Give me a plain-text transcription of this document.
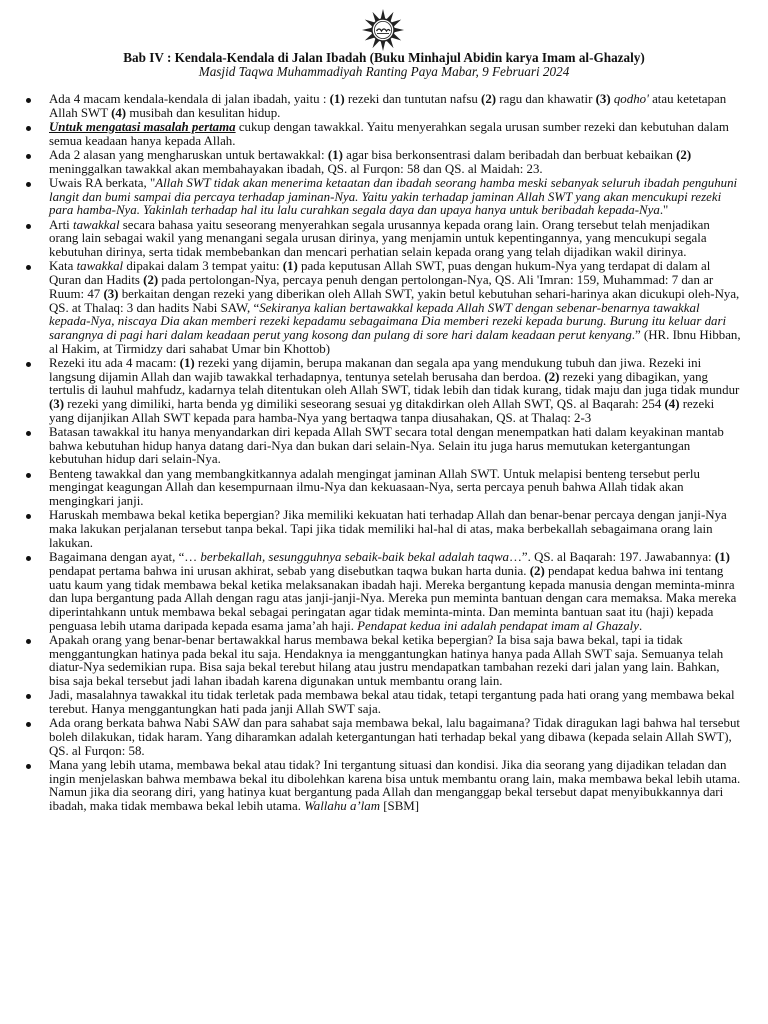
Bab IV : Kendala-Kendala di Jalan Ibadah (Buku Minhajul Abidin karya Imam al-Ghazaly)
Masjid Taqwa Muhammadiyah Ranting Paya Mabar, 9 Februari 2024
Ada 4 macam kendala-kendala di jalan ibadah, yaitu : (1) rezeki dan tuntutan nafsu (2) ragu dan khawatir (3) qodho' atau ketetapan Allah SWT (4) musibah dan kesulitan hidup.
Untuk mengatasi masalah pertama cukup dengan tawakkal. Yaitu menyerahkan segala urusan sumber rezeki dan kebutuhan dalam semua keadaan hanya kepada Allah.
Ada 2 alasan yang mengharuskan untuk bertawakkal: (1) agar bisa berkonsentrasi dalam beribadah dan berbuat kebaikan (2) meninggalkan tawakkal akan membahayakan ibadah, QS. al Furqon: 58 dan QS. al Maidah: 23.
Uwais RA berkata, "Allah SWT tidak akan menerima ketaatan dan ibadah seorang hamba meski sebanyak seluruh ibadah penguhuni langit dan bumi sampai dia percaya terhadap jaminan-Nya. Yaitu yakin terhadap jaminan Allah SWT yang akan mencukupi rezeki para hamba-Nya. Yakinlah terhadap hal itu lalu curahkan segala daya dan upaya hanya untuk beribadah kepada-Nya."
Arti tawakkal secara bahasa yaitu seseorang menyerahkan segala urusannya kepada orang lain. Orang tersebut telah menjadikan orang lain sebagai wakil yang menangani segala urusan dirinya, yang menjamin untuk kepentingannya, yang mencukupi segala kebutuhan dirinya, serta tidak membebankan dan mencari perhatian selain kepada orang yang telah dijadikan wakil dirinya.
Kata tawakkal dipakai dalam 3 tempat yaitu: (1) pada keputusan Allah SWT, puas dengan hukum-Nya yang terdapat di dalam al Quran dan Hadits (2) pada pertolongan-Nya, percaya penuh dengan pertolongan-Nya, QS. Ali 'Imran: 159, Muhammad: 7 dan ar Ruum: 47 (3) berkaitan dengan rezeki yang diberikan oleh Allah SWT, yakin betul kebutuhan sehari-harinya akan dicukupi oleh-Nya, QS. at Thalaq: 3 dan hadits Nabi SAW, “Sekiranya kalian bertawakkal kepada Allah SWT dengan sebenar-benarnya tawakkal kepada-Nya, niscaya Dia akan memberi rezeki kepadamu sebagaimana Dia memberi rezeki kepada burung. Burung itu keluar dari sarangnya di pagi hari dalam keadaan perut yang kosong dan pulang di sore hari dalam keadaan perut kenyang.” (HR. Ibnu Hibban, al Hakim, at Tirmidzy dari sahabat Umar bin Khottob)
Rezeki itu ada 4 macam: (1) rezeki yang dijamin, berupa makanan dan segala apa yang mendukung tubuh dan jiwa. Rezeki ini langsung dijamin Allah dan wajib tawakkal terhadapnya, tentunya setelah berusaha dan berdoa. (2) rezeki yang dibagikan, yang tertulis di lauhul mahfudz, kadarnya telah ditentukan oleh Allah SWT, tidak lebih dan tidak kurang, tidak maju dan juga tidak mundur (3) rezeki yang dimiliki, harta benda yg dimiliki seseorang sesuai yg ditakdirkan oleh Allah SWT, QS. al Baqarah: 254 (4) rezeki yang dijanjikan Allah SWT kepada para hamba-Nya yang bertaqwa tanpa diusahakan, QS. at Thalaq: 2-3
Batasan tawakkal itu hanya menyandarkan diri kepada Allah SWT secara total dengan menempatkan hati dalam keyakinan mantab bahwa kebutuhan hidup hanya datang dari-Nya dan bukan dari selain-Nya. Selain itu juga harus memutukan ketergantungan kebutuhan hidup dari selain-Nya.
Benteng tawakkal dan yang membangkitkannya adalah mengingat jaminan Allah SWT. Untuk melapisi benteng tersebut perlu mengingat keagungan Allah dan kesempurnaan ilmu-Nya dan kekuasaan-Nya, serta percaya penuh bahwa Allah tidak akan mengingkari janji.
Haruskah membawa bekal ketika bepergian? Jika memiliki kekuatan hati terhadap Allah dan benar-benar percaya dengan janji-Nya maka lakukan perjalanan tersebut tanpa bekal. Tapi jika tidak memiliki hal-hal di atas, maka berbekallah sebagaimana orang lain lakukan.
Bagaimana dengan ayat, “… berbekallah, sesungguhnya sebaik-baik bekal adalah taqwa…”. QS. al Baqarah: 197. Jawabannya: (1) pendapat pertama bahwa ini urusan akhirat, sebab yang disebutkan taqwa bukan harta dunia. (2) pendapat kedua bahwa ini tentang uatu kaum yang tidak membawa bekal ketika melaksanakan ibadah haji. Mereka bergantung kepada manusia dengan meminta-minra dan lupa bergantung pada Allah dengan ragu atas janji-janji-Nya. Mereka pun meminta bantuan dengan cara memaksa. Maka mereka diperintahkann untuk membawa bekal sebagai peringatan agar tidak meminta-minta. Dan meminta bantuan saat itu (haji) kepada penguasa lebih utama daripada kepada esama jama’ah haji. Pendapat kedua ini adalah pendapat imam al Ghazaly.
Apakah orang yang benar-benar bertawakkal harus membawa bekal ketika bepergian? Ia bisa saja bawa bekal, tapi ia tidak menggantungkan hatinya pada bekal itu saja. Hendaknya ia menggantungkan hatinya hanya pada Allah SWT saja. Semuanya telah diatur-Nya sedemikian rupa. Bisa saja bekal terebut hilang atau justru mendapatkan tambahan rezeki dari jalan yang lain. Bahkan, bisa saja bekal tersebut jadi lahan ibadah karena digunakan untuk membantu orang lain.
Jadi, masalahnya tawakkal itu tidak terletak pada membawa bekal atau tidak, tetapi tergantung pada hati orang yang membawa bekal terebut. Hanya menggantungkan hati pada janji Allah SWT saja.
Ada orang berkata bahwa Nabi SAW dan para sahabat saja membawa bekal, lalu bagaimana? Tidak diragukan lagi bahwa hal tersebut boleh dilakukan, tidak haram. Yang diharamkan adalah ketergantungan hati terhadap bekal yang dibawa (kepada selain Allah SWT), QS. al Furqon: 58.
Mana yang lebih utama, membawa bekal atau tidak? Ini tergantung situasi dan kondisi. Jika dia seorang yang dijadikan teladan dan ingin menjelaskan bahwa membawa bekal itu dibolehkan karena bisa untuk membantu orang lain, maka membawa bekal lebih utama. Namun jika dia seorang diri, yang hatinya kuat bergantung pada Allah dan menganggap bekal tersebut dapat menyibukkannya dari ibadah, maka tidak membawa bekal lebih utama. Wallahu a’lam [SBM]
